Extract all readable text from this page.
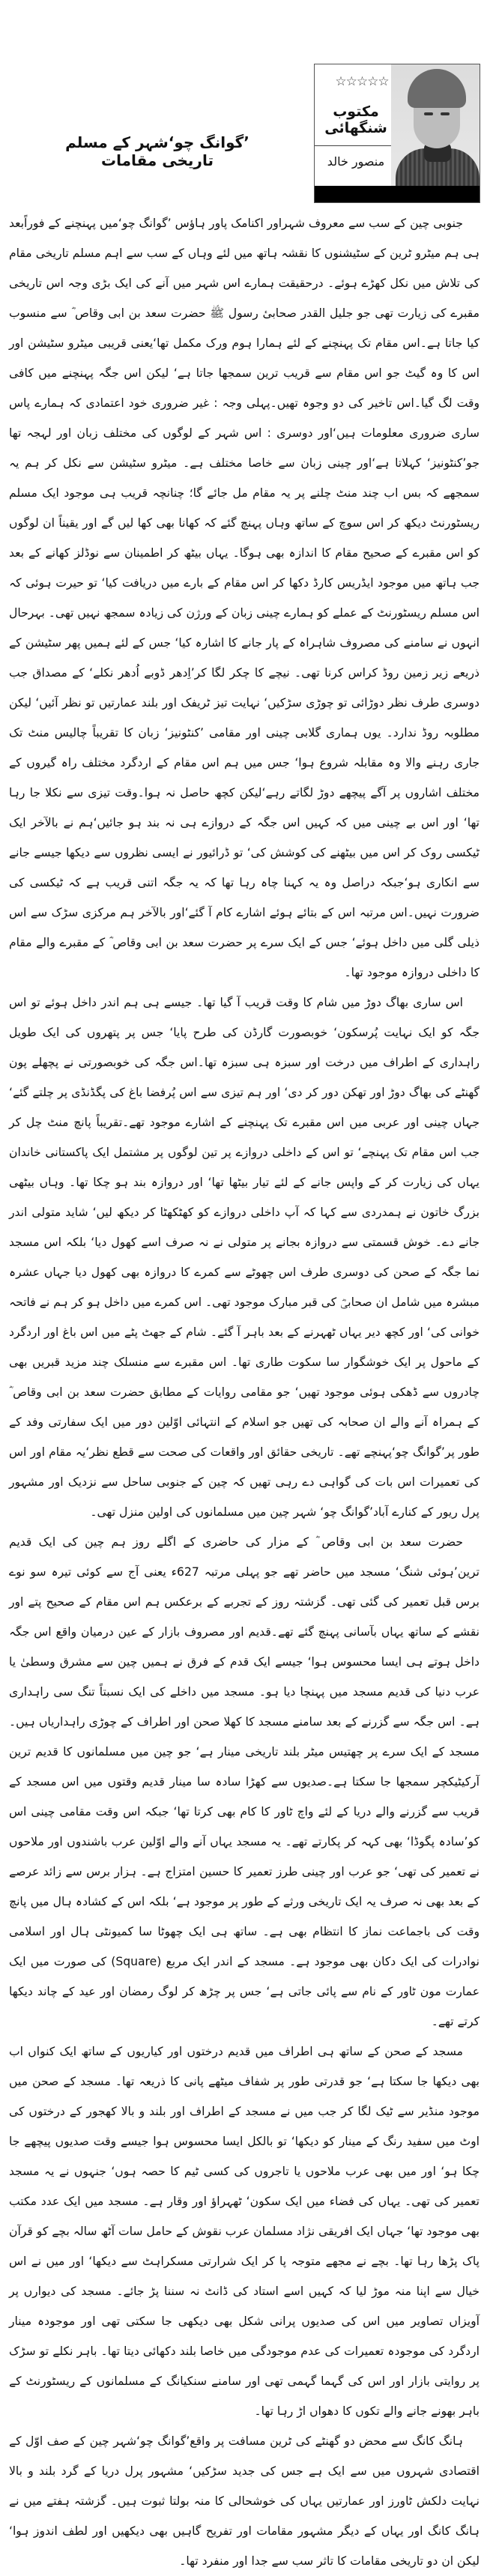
’گوانگ چو‘شہر کے مسلم تاریخی مقامات
☆☆☆☆☆
مکتوب شنگھائی
منصور خالد

جنوبی چین کے سب سے معروف شہراور اکنامک پاور ہاؤس ’گوانگ چو‘میں پہنچنے کے فوراًبعد ہی ہم میٹرو ٹرین کے سٹیشنوں کا نقشہ ہاتھ میں لئے وہاں کے سب سے اہم مسلم تاریخی مقام کی تلاش میں نکل کھڑے ہوئے۔ درحقیقت ہمارے اس شہر میں آنے کی ایک بڑی وجہ اس تاریخی مقبرے کی زیارت تھی جو جلیل القدر صحابیٔ رسول ﷺ حضرت سعد بن ابی وقاص ؓ سے منسوب کیا جاتا ہے۔اس مقام تک پہنچنے کے لئے ہمارا ہوم ورک مکمل تھا‘یعنی قریبی میٹرو سٹیشن اور اس کا وہ گیٹ جو اس مقام سے قریب ترین سمجھا جاتا ہے‘ لیکن اس جگہ پہنچنے میں کافی وقت لگ گیا۔اس تاخیر کی دو وجوہ تھیں۔پہلی وجہ : غیر ضروری خود اعتمادی کہ ہمارے پاس ساری ضروری معلومات ہیں‘اور دوسری : اس شہر کے لوگوں کی مختلف زبان اور لہجہ تھا جو’کنٹونیز‘ کہلاتا ہے‘اور چینی زبان سے خاصا مختلف ہے۔ میٹرو سٹیشن سے نکل کر ہم یہ سمجھے کہ بس اب چند منٹ چلنے پر یہ مقام مل جائے گا؛ چنانچہ قریب ہی موجود ایک مسلم ریسٹورنٹ دیکھ کر اس سوچ کے ساتھ وہاں پہنچ گئے کہ کھانا بھی کھا لیں گے اور یقیناً ان لوگوں کو اس مقبرے کے صحیح مقام کا اندازہ بھی ہوگا۔ یہاں بیٹھ کر اطمینان سے نوڈلز کھانے کے بعد جب ہاتھ میں موجود ایڈریس کارڈ دکھا کر اس مقام کے بارے میں دریافت کیا‘ تو حیرت ہوئی کہ اس مسلم ریسٹورنٹ کے عملے کو ہمارے چینی زبان کے ورژن کی زیادہ سمجھ نہیں تھی۔ بہرحال انہوں نے سامنے کی مصروف شاہراہ کے پار جانے کا اشارہ کیا‘ جس کے لئے ہمیں پھر سٹیشن کے ذریعے زیر زمین روڈ کراس کرنا تھی۔ نیچے کا چکر لگا کر’اِدھر ڈوبے اُدھر نکلے‘ کے مصداق جب دوسری طرف نظر دوڑائی تو چوڑی سڑکیں‘ نہایت تیز ٹریفک اور بلند عمارتیں تو نظر آئیں‘ لیکن مطلوبہ روڈ ندارد۔ یوں ہماری گلابی چینی اور مقامی ’کنٹونیز‘ زبان کا تقریباً چالیس منٹ تک جاری رہنے والا وہ مقابلہ شروع ہوا‘ جس میں ہم اس مقام کے اردگرد مختلف راہ گیروں کے مختلف اشاروں پر آگے پیچھے دوڑ لگاتے رہے‘لیکن کچھ حاصل نہ ہوا۔وقت تیزی سے نکلا جا رہا تھا‘ اور اس بے چینی میں کہ کہیں اس جگہ کے دروازے ہی نہ بند ہو جائیں‘ہم نے بالآخر ایک ٹیکسی روک کر اس میں بیٹھنے کی کوشش کی‘ تو ڈرائیور نے ایسی نظروں سے دیکھا جیسے جانے سے انکاری ہو‘جبکہ دراصل وہ یہ کہنا چاہ رہا تھا کہ یہ جگہ اتنی قریب ہے کہ ٹیکسی کی ضرورت نہیں۔اس مرتبہ اس کے بتائے ہوئے اشارے کام آ گئے‘اور بالآخر ہم مرکزی سڑک سے اس ذیلی گلی میں داخل ہوئے‘ جس کے ایک سرے پر حضرت سعد بن ابی وقاص ؓ کے مقبرے والے مقام کا داخلی دروازہ موجود تھا۔

اس ساری بھاگ دوڑ میں شام کا وقت قریب آ گیا تھا۔ جیسے ہی ہم اندر داخل ہوئے تو اس جگہ کو ایک نہایت پُرسکون‘ خوبصورت گارڈن کی طرح پایا‘ جس پر پتھروں کی ایک طویل راہداری کے اطراف میں درخت اور سبزہ ہی سبزہ تھا۔اس جگہ کی خوبصورتی نے پچھلے پون گھنٹے کی بھاگ دوڑ اور تھکن دور کر دی‘ اور ہم تیزی سے اس پُرفضا باغ کی پگڈنڈی پر چلتے گئے‘ جہاں چینی اور عربی میں اس مقبرے تک پہنچنے کے اشارے موجود تھے۔تقریباً پانچ منٹ چل کر جب اس مقام تک پہنچے‘ تو اس کے داخلی دروازے پر تین لوگوں پر مشتمل ایک پاکستانی خاندان یہاں کی زیارت کر کے واپس جانے کے لئے تیار بیٹھا تھا‘ اور دروازہ بند ہو چکا تھا۔ وہاں بیٹھی بزرگ خاتون نے ہمدردی سے کہا کہ آپ داخلی دروازے کو کھٹکھٹا کر دیکھ لیں‘ شاید متولی اندر جانے دے۔ خوش قسمتی سے دروازہ بجانے پر متولی نے نہ صرف اسے کھول دیا‘ بلکہ اس مسجد نما جگہ کے صحن کی دوسری طرف اس چھوٹے سے کمرے کا دروازہ بھی کھول دیا جہاں عشرہ مبشرہ میں شامل ان صحابیؓ کی قبر مبارک موجود تھی۔ اس کمرے میں داخل ہو کر ہم نے فاتحہ خوانی کی‘ اور کچھ دیر یہاں ٹھہرنے کے بعد باہر آ گئے۔ شام کے جھٹ پٹے میں اس باغ اور اردگرد کے ماحول پر ایک خوشگوار سا سکوت طاری تھا۔ اس مقبرے سے منسلک چند مزید قبریں بھی چادروں سے ڈھکی ہوئی موجود تھیں‘ جو مقامی روایات کے مطابق حضرت سعد بن ابی وقاص ؓ کے ہمراہ آنے والے ان صحابہ کی تھیں جو اسلام کے انتہائی اوّلین دور میں ایک سفارتی وفد کے طور پر’گوانگ چو‘پہنچے تھے۔ تاریخی حقائق اور واقعات کی صحت سے قطع نظر‘یہ مقام اور اس کی تعمیرات اس بات کی گواہی دے رہی تھیں کہ چین کے جنوبی ساحل سے نزدیک اور مشہور پرل ریور کے کنارے آباد’گوانگ چو‘ شہر چین میں مسلمانوں کی اولین منزل تھی۔

حضرت سعد بن ابی وقاص ؓ کے مزار کی حاضری کے اگلے روز ہم چین کی ایک قدیم ترین’ہوئی شنگ‘ مسجد میں حاضر تھے جو پہلی مرتبہ 627ء یعنی آج سے کوئی تیرہ سو نوے برس قبل تعمیر کی گئی تھی۔ گزشتہ روز کے تجربے کے برعکس ہم اس مقام کے صحیح پتے اور نقشے کے ساتھ یہاں بآسانی پہنچ گئے تھے۔قدیم اور مصروف بازار کے عین درمیان واقع اس جگہ داخل ہوتے ہی ایسا محسوس ہوا‘ جیسے ایک قدم کے فرق نے ہمیں چین سے مشرق وسطیٰ یا عرب دنیا کی قدیم مسجد میں پہنچا دیا ہو۔ مسجد میں داخلے کی ایک نسبتاً تنگ سی راہداری ہے۔ اس جگہ سے گزرنے کے بعد سامنے مسجد کا کھلا صحن اور اطراف کے چوڑی راہداریاں ہیں۔ مسجد کے ایک سرے پر چھتیس میٹر بلند تاریخی مینار ہے‘ جو چین میں مسلمانوں کا قدیم ترین آرکیٹیکچر سمجھا جا سکتا ہے۔صدیوں سے کھڑا سادہ سا مینار قدیم وقتوں میں اس مسجد کے قریب سے گزرنے والے دریا کے لئے واچ ٹاور کا کام بھی کرتا تھا‘ جبکہ اس وقت مقامی چینی اس کو’سادہ پگوڈا‘ بھی کہہ کر پکارتے تھے۔ یہ مسجد یہاں آنے والے اوّلین عرب باشندوں اور ملاحوں نے تعمیر کی تھی‘ جو عرب اور چینی طرز تعمیر کا حسین امتزاج ہے۔ ہزار برس سے زائد عرصے کے بعد بھی نہ صرف یہ ایک تاریخی ورثے کے طور پر موجود ہے‘ بلکہ اس کے کشادہ ہال میں پانچ وقت کی باجماعت نماز کا انتظام بھی ہے۔ ساتھ ہی ایک چھوٹا سا کمیونٹی ہال اور اسلامی نوادرات کی ایک دکان بھی موجود ہے۔ مسجد کے اندر ایک مربع (Square) کی صورت میں ایک عمارت مون ٹاور کے نام سے پائی جاتی ہے‘ جس پر چڑھ کر لوگ رمضان اور عید کے چاند دیکھا کرتے تھے۔

مسجد کے صحن کے ساتھ ہی اطراف میں قدیم درختوں اور کیاریوں کے ساتھ ایک کنواں اب بھی دیکھا جا سکتا ہے‘ جو قدرتی طور پر شفاف میٹھے پانی کا ذریعہ تھا۔ مسجد کے صحن میں موجود منڈیر سے ٹیک لگا کر جب میں نے مسجد کے اطراف اور بلند و بالا کھجور کے درختوں کی اوٹ میں سفید رنگ کے مینار کو دیکھا‘ تو بالکل ایسا محسوس ہوا جیسے وقت صدیوں پیچھے جا چکا ہو‘ اور میں بھی عرب ملاحوں یا تاجروں کی کسی ٹیم کا حصہ ہوں‘ جنہوں نے یہ مسجد تعمیر کی تھی۔ یہاں کی فضاء میں ایک سکون‘ ٹھہراؤ اور وقار ہے۔ مسجد میں ایک عدد مکتب بھی موجود تھا‘ جہاں ایک افریقی نژاد مسلمان عرب نقوش کے حامل سات آٹھ سالہ بچے کو قرآن پاک پڑھا رہا تھا۔ بچے نے مجھے متوجہ پا کر ایک شرارتی مسکراہٹ سے دیکھا‘ اور میں نے اس خیال سے اپنا منہ موڑ لیا کہ کہیں اسے استاد کی ڈانٹ نہ سننا پڑ جائے۔ مسجد کی دیوارں پر آویزاں تصاویر میں اس کی صدیوں پرانی شکل بھی دیکھی جا سکتی تھی اور موجودہ مینار اردگرد کی موجودہ تعمیرات کی عدم موجودگی میں خاصا بلند دکھائی دیتا تھا۔ باہر نکلے تو سڑک پر روایتی بازار اور اس کی گہما گہمی تھی اور سامنے سنکیانگ کے مسلمانوں کے ریسٹورنٹ کے باہر بھونے جانے والے تکوں کا دھواں اڑ رہا تھا۔

ہانگ کانگ سے محض دو گھنٹے کی ٹرین مسافت پر واقع’گوانگ چو‘شہر چین کے صف اوّل کے اقتصادی شہروں میں سے ایک ہے جس کی جدید سڑکیں‘ مشہور پرل دریا کے گرد بلند و بالا نہایت دلکش ٹاورز اور عمارتیں یہاں کی خوشحالی کا منہ بولتا ثبوت ہیں۔ گزشتہ ہفتے میں نے ہانگ کانگ اور یہاں کے دیگر مشہور مقامات اور تفریح گاہیں بھی دیکھیں اور لطف اندوز ہوا‘ لیکن ان دو تاریخی مقامات کا تاثر سب سے جدا اور منفرد تھا۔
